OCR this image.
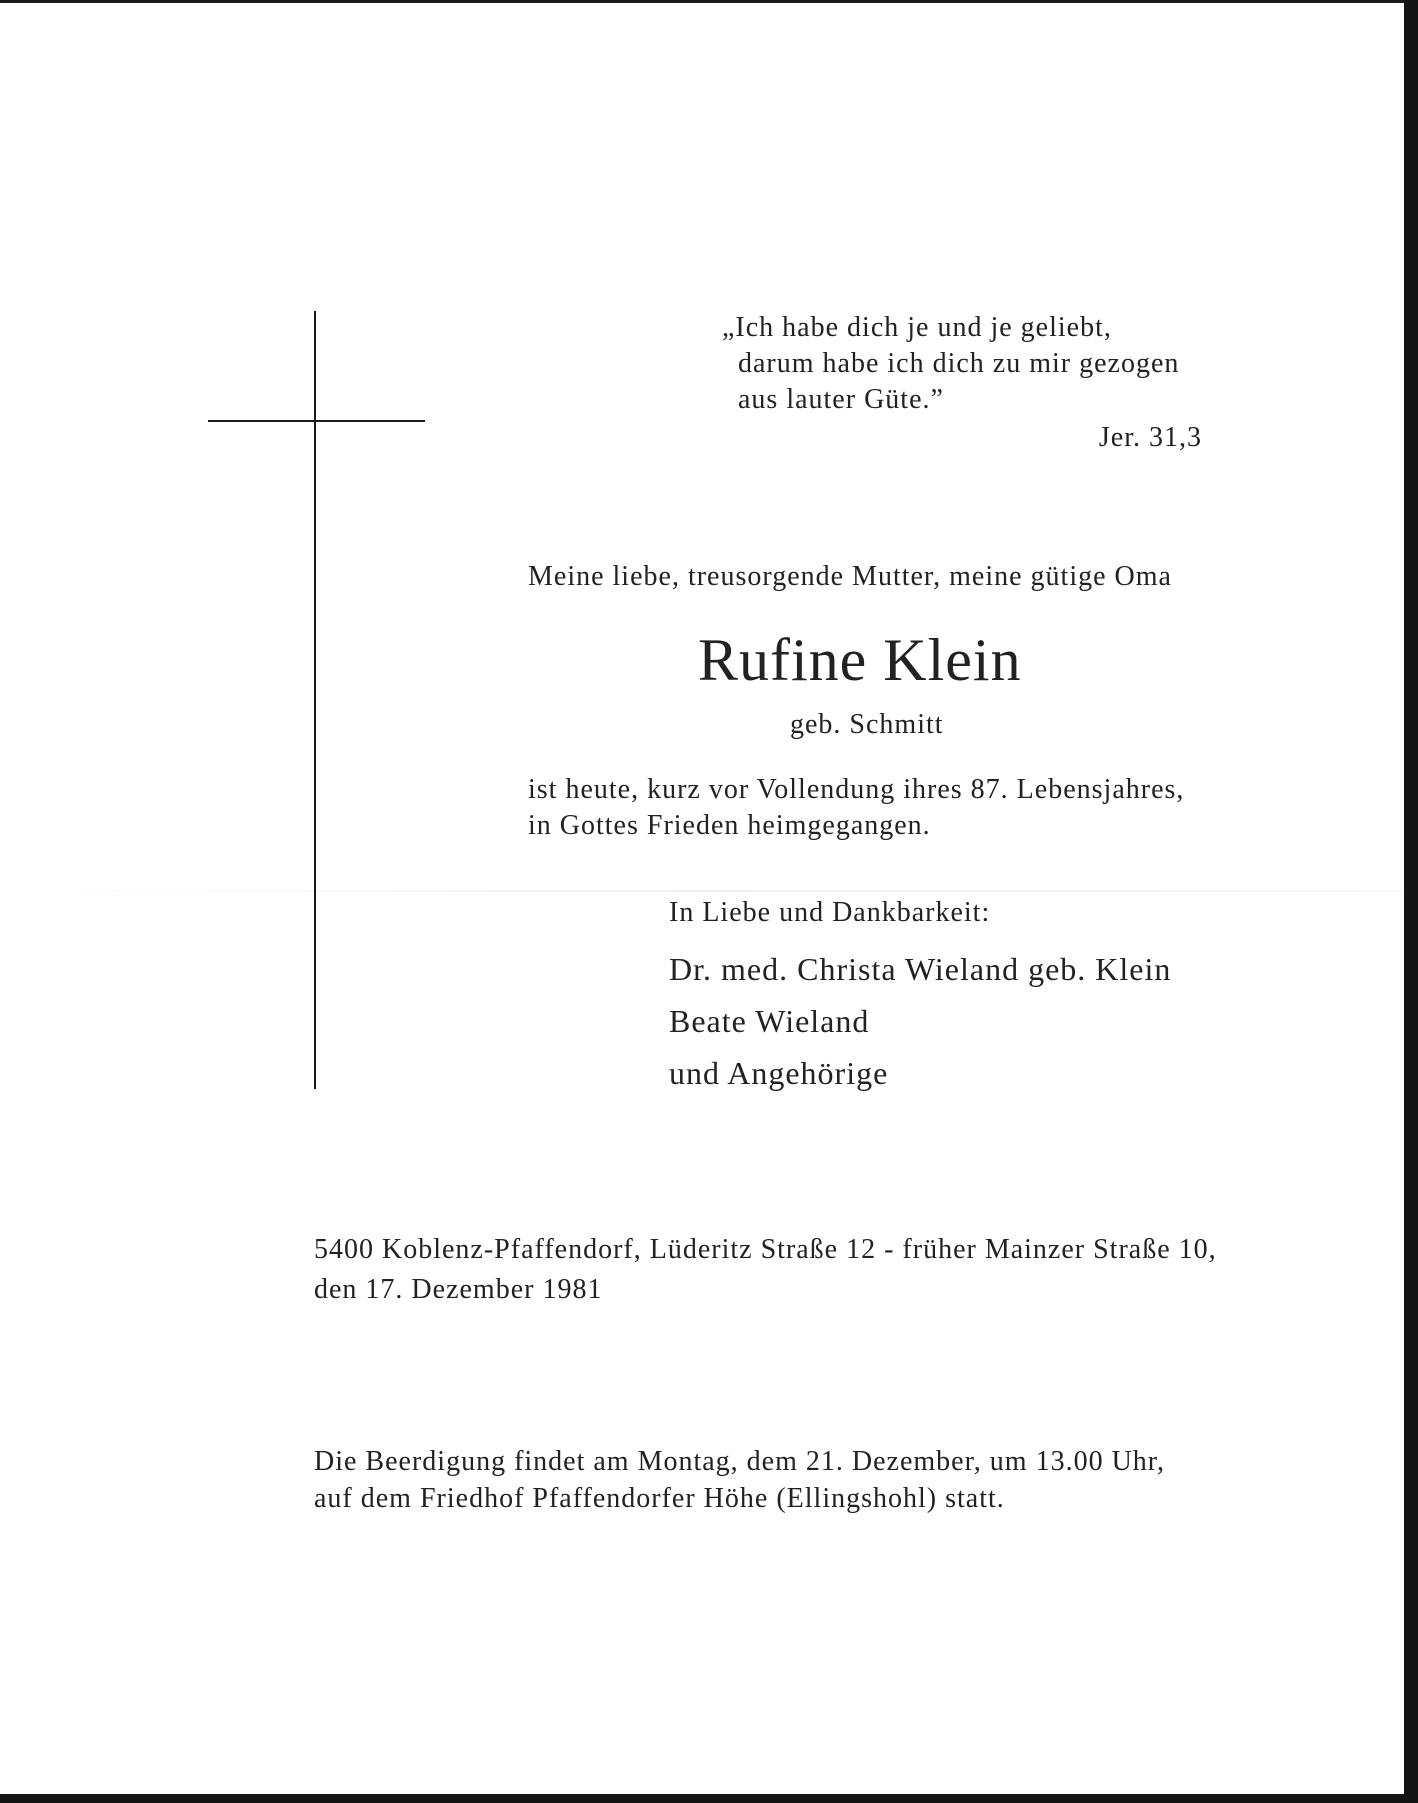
„Ich habe dich je und je geliebt,
darum habe ich dich zu mir gezogen
aus lauter Güte.”
Jer. 31,3
Meine liebe, treusorgende Mutter, meine gütige Oma
Rufine Klein
geb. Schmitt
ist heute, kurz vor Vollendung ihres 87. Lebensjahres,
in Gottes Frieden heimgegangen.
In Liebe und Dankbarkeit:
Dr. med. Christa Wieland geb. Klein
Beate Wieland
und Angehörige
5400 Koblenz-Pfaffendorf, Lüderitz Straße 12 - früher Mainzer Straße 10,
den 17. Dezember 1981
Die Beerdigung findet am Montag, dem 21. Dezember, um 13.00 Uhr,
auf dem Friedhof Pfaffendorfer Höhe (Ellingshohl) statt.
